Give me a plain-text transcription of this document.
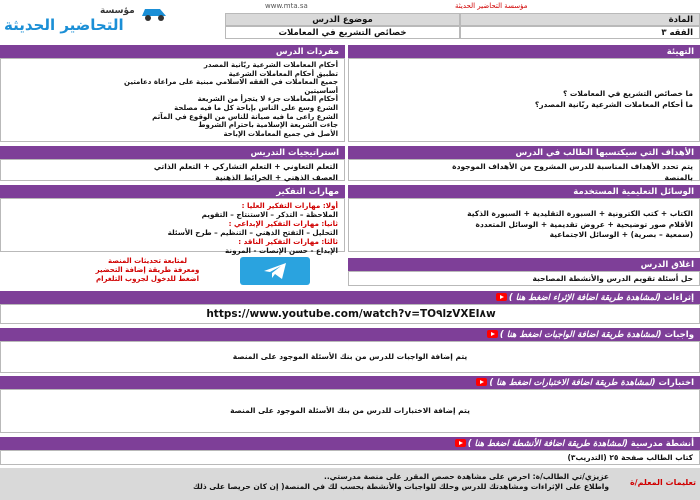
مؤسسة
التحاضير الحديثة
www.mta.sa	مؤسسة التحاضير الحديثة
موضوع الدرس	المادة
خصائص التشريع في المعاملات	الفقه ٣
التهيئة
ما خصائص التشريع في المعاملات ؟
ما أحكام المعاملات الشرعية ربّانية المصدر؟
مفردات الدرس
أحكام المعاملات الشرعية ربّانية المصدر
تطبيق أحكام المعاملات الشرعية
جميع المعاملات في الفقه الاسلامي مبنية على مراعاة دعامتين
أساسيتين
أحكام المعاملات جزء لا يتجزأ من الشريعة
الشرع وسع على الناس بإباحة كل ما فيه مصلحة
الشرع راعى ما فيه صيانة للناس من الوقوع في المآثم
جاءت الشريعة الإسلامية باحترام الشروط
الأصل في جميع المعاملات الإباحة
الأهداف التي سيكتسبها الطالب في الدرس
يتم تحدد الأهداف المناسبة للدرس المشروح من الأهداف الموجودة
بالمنصة
استراتيجيات التدريس
التعلم التعاوني + التعلم التشاركي + التعلم الذاتي
العصف الذهني + الخرائط الذهنية
الوسائل التعليمية المستخدمة
الكتاب + كتب الكترونية + السبورة التقليدية + السبورة الذكية
الأقلام صور توضيحية + عروض تقديمية + الوسائل المتعددة
(سمعية – بصرية) + الوسائل الاجتماعية
مهارات التفكير
أولا: مهارات التفكير العليا :
الملاحظة – التذكر – الاستنتاج – التقويم
ثانيا: مهارات التفكير الإبداعي :
التحليل – التفتح الذهني – التنظيم – طرح الأسئلة
ثالثا: مهارات التفكير الناقد :
الإبداع - حسن الإنصات - المرونة
لمتابعة تحديثات المنصة
ومعرفة طريقة إضافة التحضير
اضغط للدخول لجروب التلغرام
اغلاق الدرس
حل أسئلة تقويم الدرس والأنشطة المصاحبة
إثراءات

(لمشاهدة طريقة اضافة الإثراء اضغط هنا )
https://www.youtube.com/watch?v=TO٩lzVXEI٨w
واجبات

(لمشاهدة طريقة اضافة الواجبات اضغط هنا )
يتم إضافة الواجبات للدرس من بنك الأسئلة الموجود على المنصة
اختبارات

(لمشاهدة طريقة اضافة الاختبارات اضغط هنا )
يتم إضافة الاختبارات للدرس من بنك الأسئلة الموجود على المنصة
أنشطة مدرسية

(لمشاهدة طريقة اضافة الأنشطة اضغط هنا )
كتاب الطالب صفحة ٢٥ (التدريب٣)
تعليمات المعلم/ة
عزيزي/تي الطالب/ة: احرص على مشاهدة حصص المقرر على منصة مدرستي..
واطلاع على الإثراءات ومشاهدتك للدرس وحلك للواجبات والأنشطة بحسب لك في المنصة( إن كان حريصا على ذلك
